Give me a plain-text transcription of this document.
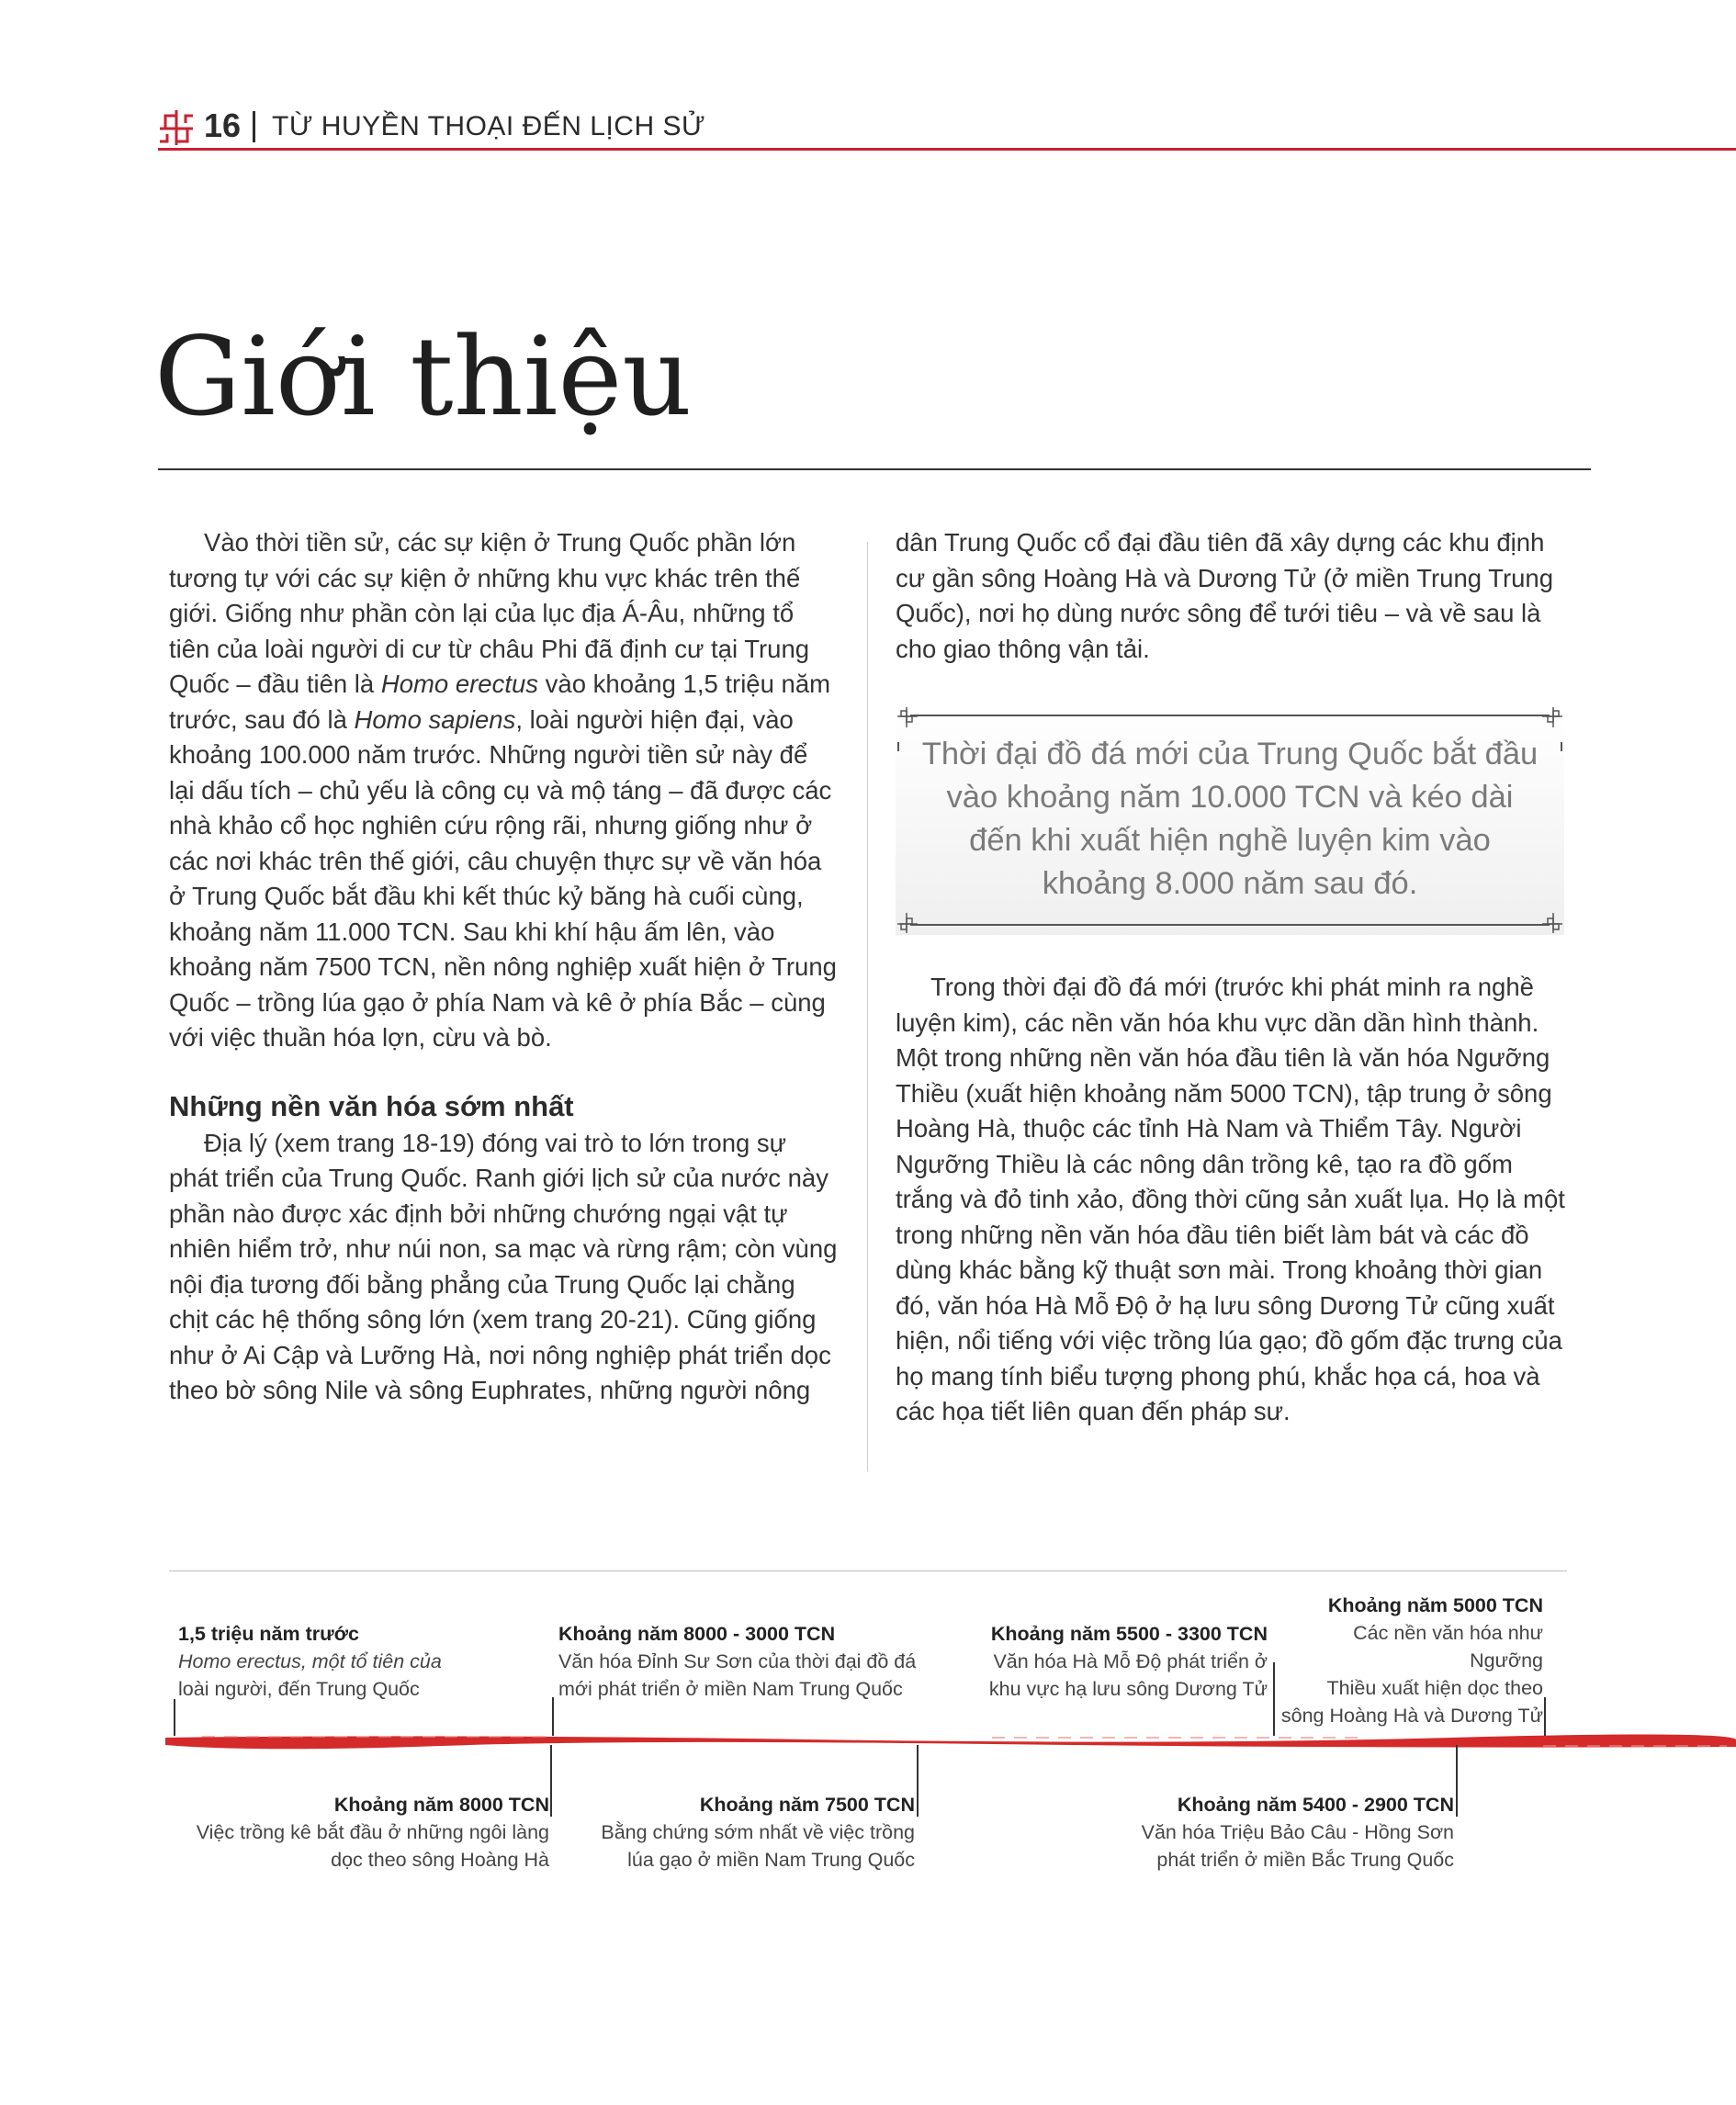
16 TỪ HUYỀN THOẠI ĐẾN LỊCH SỬ
Giới thiệu

Vào thời tiền sử, các sự kiện ở Trung Quốc phần lớn tương tự với các sự kiện ở những khu vực khác trên thế giới. Giống như phần còn lại của lục địa Á-Âu, những tổ tiên của loài người di cư từ châu Phi đã định cư tại Trung Quốc – đầu tiên là Homo erectus vào khoảng 1,5 triệu năm trước, sau đó là Homo sapiens, loài người hiện đại, vào khoảng 100.000 năm trước. Những người tiền sử này để lại dấu tích – chủ yếu là công cụ và mộ táng – đã được các nhà khảo cổ học nghiên cứu rộng rãi, nhưng giống như ở các nơi khác trên thế giới, câu chuyện thực sự về văn hóa ở Trung Quốc bắt đầu khi kết thúc kỷ băng hà cuối cùng, khoảng năm 11.000 TCN. Sau khi khí hậu ấm lên, vào khoảng năm 7500 TCN, nền nông nghiệp xuất hiện ở Trung Quốc – trồng lúa gạo ở phía Nam và kê ở phía Bắc – cùng với việc thuần hóa lợn, cừu và bò.

Những nền văn hóa sớm nhất

Địa lý (xem trang 18-19) đóng vai trò to lớn trong sự phát triển của Trung Quốc. Ranh giới lịch sử của nước này phần nào được xác định bởi những chướng ngại vật tự nhiên hiểm trở, như núi non, sa mạc và rừng rậm; còn vùng nội địa tương đối bằng phẳng của Trung Quốc lại chằng chịt các hệ thống sông lớn (xem trang 20-21). Cũng giống như ở Ai Cập và Lưỡng Hà, nơi nông nghiệp phát triển dọc theo bờ sông Nile và sông Euphrates, những người nông

dân Trung Quốc cổ đại đầu tiên đã xây dựng các khu định cư gần sông Hoàng Hà và Dương Tử (ở miền Trung Trung Quốc), nơi họ dùng nước sông để tưới tiêu – và về sau là cho giao thông vận tải.

Thời đại đồ đá mới của Trung Quốc bắt đầu vào khoảng năm 10.000 TCN và kéo dài đến khi xuất hiện nghề luyện kim vào khoảng 8.000 năm sau đó.

Trong thời đại đồ đá mới (trước khi phát minh ra nghề luyện kim), các nền văn hóa khu vực dần dần hình thành. Một trong những nền văn hóa đầu tiên là văn hóa Ngưỡng Thiều (xuất hiện khoảng năm 5000 TCN), tập trung ở sông Hoàng Hà, thuộc các tỉnh Hà Nam và Thiểm Tây. Người Ngưỡng Thiều là các nông dân trồng kê, tạo ra đồ gốm trắng và đỏ tinh xảo, đồng thời cũng sản xuất lụa. Họ là một trong những nền văn hóa đầu tiên biết làm bát và các đồ dùng khác bằng kỹ thuật sơn mài. Trong khoảng thời gian đó, văn hóa Hà Mỗ Độ ở hạ lưu sông Dương Tử cũng xuất hiện, nổi tiếng với việc trồng lúa gạo; đồ gốm đặc trưng của họ mang tính biểu tượng phong phú, khắc họa cá, hoa và các họa tiết liên quan đến pháp sư.

1,5 triệu năm trước
Homo erectus, một tổ tiên của
loài người, đến Trung Quốc
Khoảng năm 8000 - 3000 TCN
Văn hóa Đỉnh Sư Sơn của thời đại đồ đá
mới phát triển ở miền Nam Trung Quốc
Khoảng năm 5500 - 3300 TCN
Văn hóa Hà Mỗ Độ phát triển ở
khu vực hạ lưu sông Dương Tử
Khoảng năm 5000 TCN
Các nền văn hóa như Ngưỡng
Thiều xuất hiện dọc theo
sông Hoàng Hà và Dương Tử
Khoảng năm 8000 TCN
Việc trồng kê bắt đầu ở những ngôi làng
dọc theo sông Hoàng Hà
Khoảng năm 7500 TCN
Bằng chứng sớm nhất về việc trồng
lúa gạo ở miền Nam Trung Quốc
Khoảng năm 5400 - 2900 TCN
Văn hóa Triệu Bảo Câu - Hồng Sơn
phát triển ở miền Bắc Trung Quốc
